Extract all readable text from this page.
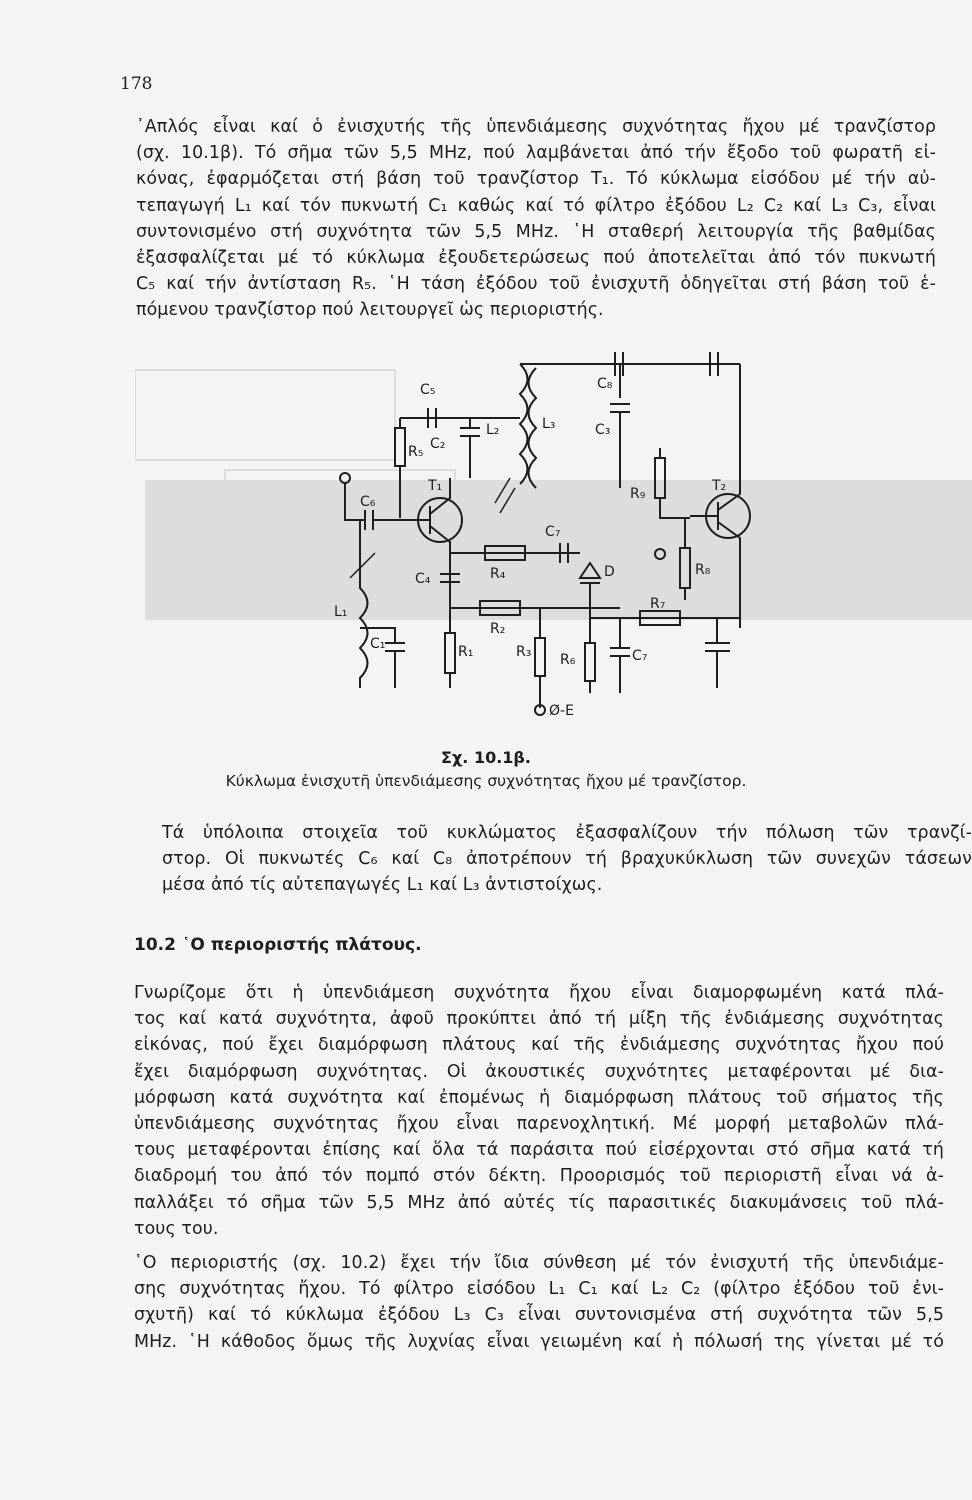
178
᾿Απλός εἶναι καί ὁ ἐνισχυτής τῆς ὑπενδιάμεσης συχνότητας ἤχου μέ τρανζίστορ
(σχ. 10.1β). Τό σῆμα τῶν 5,5 MHz, πού λαμβάνεται ἀπό τήν ἔξοδο τοῦ φωρατῆ εἰ-
κόνας, ἐφαρμόζεται στή βάση τοῦ τρανζίστορ T₁. Τό κύκλωμα εἰσόδου μέ τήν αὐ-
τεπαγωγή L₁ καί τόν πυκνωτή C₁ καθώς καί τό φίλτρο ἐξόδου L₂ C₂ καί L₃ C₃, εἶναι
συντονισμένο στή συχνότητα τῶν 5,5 MHz. ῾Η σταθερή λειτουργία τῆς βαθμίδας
ἐξασφαλίζεται μέ τό κύκλωμα ἐξουδετερώσεως πού ἀποτελεῖται ἀπό τόν πυκνωτή
C₅ καί τήν ἀντίσταση R₅. ῾Η τάση ἐξόδου τοῦ ἐνισχυτῆ ὁδηγεῖται στή βάση τοῦ ἑ-
πόμενου τρανζίστορ πού λειτουργεῖ ὡς περιοριστής.
C₅
C₂
L₂	L₃
C₈
C₃
R₅
T₁	T₂
C₆
C₇
R₉
C₄	R₄	D	R₈
L₁
R₂
R₇
C₁	R₁	R₃ R₆	C₇
Ø-E
Σχ. 10.1β.
Κύκλωμα ἐνισχυτῆ ὑπενδιάμεσης συχνότητας ἤχου μέ τρανζίστορ.
Τά ὑπόλοιπα στοιχεῖα τοῦ κυκλώματος ἐξασφαλίζουν τήν πόλωση τῶν τρανζί-
στορ. Οἱ πυκνωτές C₆ καί C₈ ἀποτρέπουν τή βραχυκύκλωση τῶν συνεχῶν τάσεων
μέσα ἀπό τίς αὐτεπαγωγές L₁ καί L₃ ἀντιστοίχως.
10.2 ῾Ο περιοριστής πλάτους.
Γνωρίζομε ὅτι ἡ ὑπενδιάμεση συχνότητα ἤχου εἶναι διαμορφωμένη κατά πλά-
τος καί κατά συχνότητα, ἀφοῦ προκύπτει ἀπό τή μίξη τῆς ἐνδιάμεσης συχνότητας
εἰκόνας, πού ἔχει διαμόρφωση πλάτους καί τῆς ἐνδιάμεσης συχνότητας ἤχου πού
ἔχει διαμόρφωση συχνότητας. Οἱ ἀκουστικές συχνότητες μεταφέρονται μέ δια-
μόρφωση κατά συχνότητα καί ἐπομένως ἡ διαμόρφωση πλάτους τοῦ σήματος τῆς
ὑπενδιάμεσης συχνότητας ἤχου εἶναι παρενοχλητική. Μέ μορφή μεταβολῶν πλά-
τους μεταφέρονται ἐπίσης καί ὅλα τά παράσιτα πού εἰσέρχονται στό σῆμα κατά τή
διαδρομή του ἀπό τόν πομπό στόν δέκτη. Προορισμός τοῦ περιοριστῆ εἶναι νά ἀ-
παλλάξει τό σῆμα τῶν 5,5 MHz ἀπό αὐτές τίς παρασιτικές διακυμάνσεις τοῦ πλά-
τους του.
῾Ο περιοριστής (σχ. 10.2) ἔχει τήν ἴδια σύνθεση μέ τόν ἐνισχυτή τῆς ὑπενδιάμε-
σης συχνότητας ἤχου. Τό φίλτρο εἰσόδου L₁ C₁ καί L₂ C₂ (φίλτρο ἐξόδου τοῦ ἐνι-
σχυτῆ) καί τό κύκλωμα ἐξόδου L₃ C₃ εἶναι συντονισμένα στή συχνότητα τῶν 5,5
MHz. ῾Η κάθοδος ὅμως τῆς λυχνίας εἶναι γειωμένη καί ἡ πόλωσή της γίνεται μέ τό
